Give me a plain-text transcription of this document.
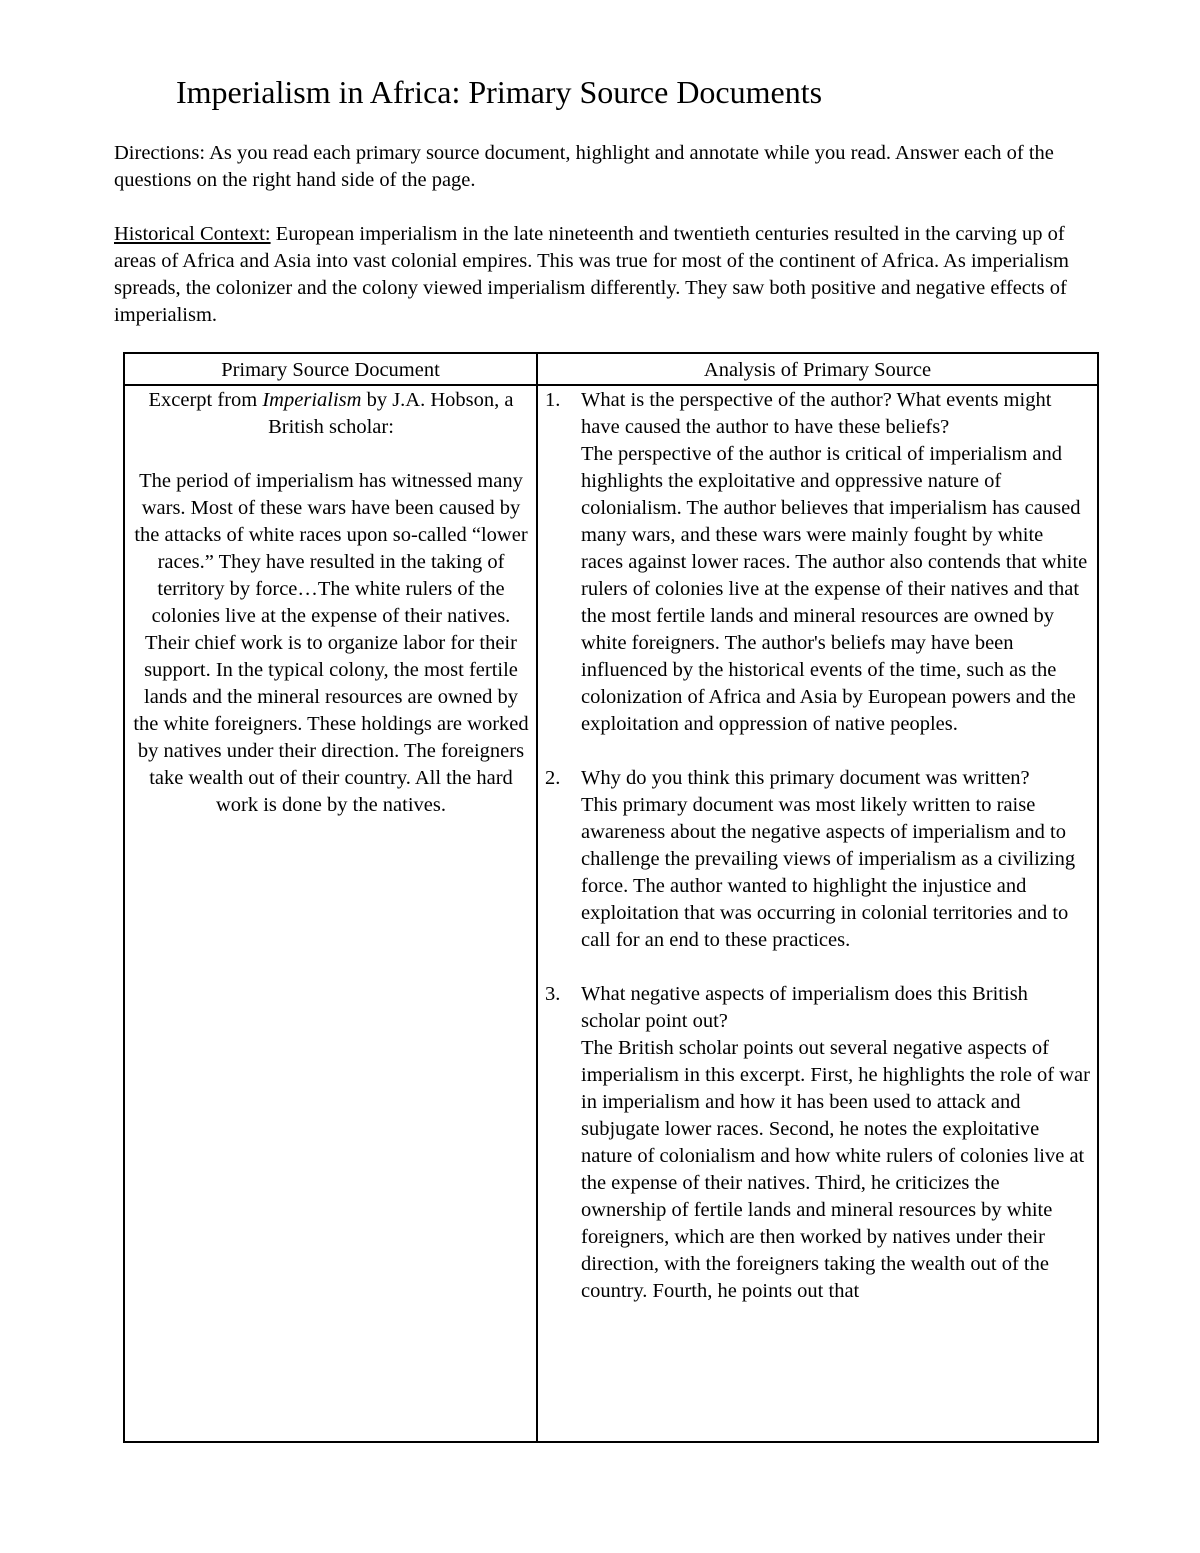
Imperialism in Africa: Primary Source Documents
Directions: As you read each primary source document, highlight and annotate while you read. Answer each of the questions on the right hand side of the page.
Historical Context: European imperialism in the late nineteenth and twentieth centuries resulted in the carving up of areas of Africa and Asia into vast colonial empires. This was true for most of the continent of Africa. As imperialism spreads, the colonizer and the colony viewed imperialism differently. They saw both positive and negative effects of imperialism.
Primary Source Document	Analysis of Primary Source

Excerpt from Imperialism by J.A. Hobson, a British scholar:

The period of imperialism has witnessed many wars. Most of these wars have been caused by the attacks of white races upon so-called “lower races.” They have resulted in the taking of territory by force…The white rulers of the colonies live at the expense of their natives. Their chief work is to organize labor for their support. In the typical colony, the most fertile lands and the mineral resources are owned by the white foreigners. These holdings are worked by natives under their direction. The foreigners take wealth out of their country. All the hard work is done by the natives.

1. What is the perspective of the author? What events might have caused the author to have these beliefs?

The perspective of the author is critical of imperialism and highlights the exploitative and oppressive nature of colonialism. The author believes that imperialism has caused many wars, and these wars were mainly fought by white races against lower races. The author also contends that white rulers of colonies live at the expense of their natives and that the most fertile lands and mineral resources are owned by white foreigners. The author's beliefs may have been influenced by the historical events of the time, such as the colonization of Africa and Asia by European powers and the exploitation and oppression of native peoples.

2. Why do you think this primary document was written?

This primary document was most likely written to raise awareness about the negative aspects of imperialism and to challenge the prevailing views of imperialism as a civilizing force. The author wanted to highlight the injustice and exploitation that was occurring in colonial territories and to call for an end to these practices.

3. What negative aspects of imperialism does this British scholar point out?

The British scholar points out several negative aspects of imperialism in this excerpt. First, he highlights the role of war in imperialism and how it has been used to attack and subjugate lower races. Second, he notes the exploitative nature of colonialism and how white rulers of colonies live at the expense of their natives. Third, he criticizes the ownership of fertile lands and mineral resources by white foreigners, which are then worked by natives under their direction, with the foreigners taking the wealth out of the country. Fourth, he points out that
